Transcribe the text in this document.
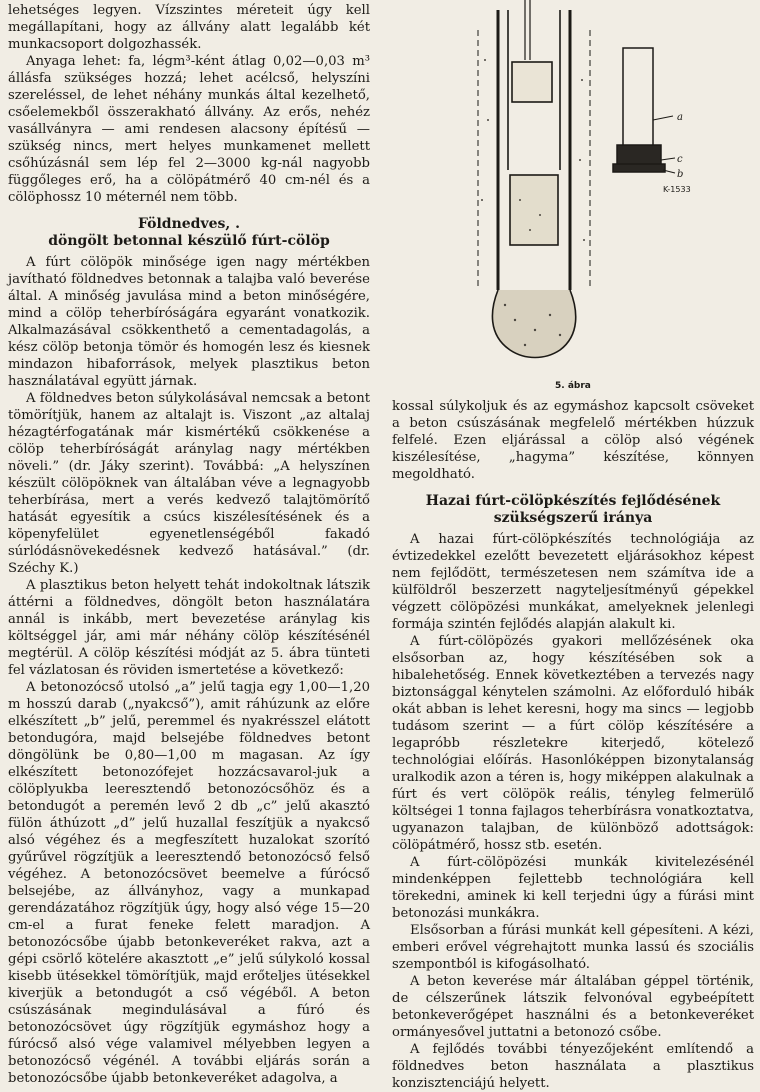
lehetséges legyen. Vízszintes méreteit úgy kell megállapítani, hogy az állvány alatt legalább két munkacsoport dolgozhassék.

Anyaga lehet: fa, légm³-ként átlag 0,02—0,03 m³ állásfa szükséges hozzá; lehet acélcső, helyszíni szereléssel, de lehet néhány munkás által kezelhető, csőelemekből összerakható állvány. Az erős, nehéz vasállványra — ami rendesen alacsony építésű — szükség nincs, mert helyes munkamenet mellett csőhúzásnál sem lép fel 2—3000 kg-nál nagyobb függőleges erő, ha a cölöpátmérő 40 cm-nél és a cölöphossz 10 méternél nem több.

Földnedves, .
döngölt betonnal készülő fúrt-cölöp

A fúrt cölöpök minősége igen nagy mértékben javítható földnedves betonnak a talajba való beverése által. A minőség javulása mind a beton minőségére, mind a cölöp teherbíróságára egyaránt vonatkozik. Alkalmazásával csökkenthető a cementadagolás, a kész cölöp betonja tömör és homogén lesz és kiesnek mindazon hibaforrások, melyek plasztikus beton használatával együtt járnak.

A földnedves beton súlykolásával nemcsak a betont tömörítjük, hanem az altalajt is. Viszont „az altalaj hézagtérfogatának már kismértékű csökkenése a cölöp teherbíróságát aránylag nagy mértékben növeli.” (dr. Jáky szerint). Továbbá: „A helyszínen készült cölöpöknek van általában véve a legnagyobb teherbírása, mert a verés kedvező talajtömörítő hatását egyesítik a csúcs kiszélesítésének és a köpenyfelület egyenetlenségéből fakadó súrlódásnövekedésnek kedvező hatásával.” (dr. Széchy K.)

A plasztikus beton helyett tehát indokoltnak látszik áttérni a földnedves, döngölt beton használatára annál is inkább, mert bevezetése aránylag kis költséggel jár, ami már néhány cölöp készítésénél megtérül. A cölöp készítési módját az 5. ábra tünteti fel vázlatosan és röviden ismertetése a következő:

A betonozócső utolsó „a” jelű tagja egy 1,00—1,20 m hosszú darab („nyakcső”), amit ráhúzunk az előre elkészített „b” jelű, peremmel és nyakrésszel elátott betondugóra, majd belsejébe földnedves betont döngölünk be 0,80—1,00 m magasan. Az így elkészített betonozófejet hozzácsavarol-juk a cölöplyukba leeresztendő betonozócsőhöz és a betondugót a peremén levő 2 db „c” jelű akasztó fülön áthúzott „d” jelű huzallal feszítjük a nyakcső alsó végéhez és a megfeszített huzalokat szorító gyűrűvel rögzítjük a leeresztendő betonozócső felső végéhez. A betonozócsövet beemelve a fúrócső belsejébe, az állványhoz, vagy a munkapad gerendázatához rögzítjük úgy, hogy alsó vége 15—20 cm-el a furat feneke felett maradjon. A betonozócsőbe újabb betonkeveréket rakva, azt a gépi csörlő kötelére akasztott „e” jelű súlykoló kossal kisebb ütésekkel tömörítjük, majd erőteljes ütésekkel kiverjük a betondugót a cső végéből. A beton csúszásának megindulásával a fúró és betonozócsövet úgy rögzítjük egymáshoz hogy a fúrócső alsó vége valamivel mélyebben legyen a betonozócső végénél. A további eljárás során a betonozócsőbe újabb betonkeveréket adagolva, a

a
c
b
K-1533
5. ábra

kossal súlykoljuk és az egymáshoz kapcsolt csöveket a beton csúszásának megfelelő mértékben húzzuk felfelé. Ezen eljárással a cölöp alsó végének kiszélesítése, „hagyma” készítése, könnyen megoldható.

Hazai fúrt-cölöpkészítés fejlődésének
szükségszerű iránya

A hazai fúrt-cölöpkészítés technológiája az évtizedekkel ezelőtt bevezetett eljárásokhoz képest nem fejlődött, természetesen nem számítva ide a külföldről beszerzett nagyteljesítményű gépekkel végzett cölöpözési munkákat, amelyeknek jelenlegi formája szintén fejlődés alapján alakult ki.

A fúrt-cölöpözés gyakori mellőzésének oka elsősorban az, hogy készítésében sok a hibalehetőség. Ennek következtében a tervezés nagy biztonsággal kénytelen számolni. Az előforduló hibák okát abban is lehet keresni, hogy ma sincs — legjobb tudásom szerint — a fúrt cölöp készítésére a legapróbb részletekre kiterjedő, kötelező technológiai előírás. Hasonlóképpen bizonytalanság uralkodik azon a téren is, hogy miképpen alakulnak a fúrt és vert cölöpök reális, tényleg felmerülő költségei 1 tonna fajlagos teherbírásra vonatkoztatva, ugyanazon talajban, de különböző adottságok: cölöpátmérő, hossz stb. esetén.

A fúrt-cölöpözési munkák kivitelezésénél mindenképpen fejlettebb technológiára kell törekedni, aminek ki kell terjedni úgy a fúrási mint betonozási munkákra.

Elsősorban a fúrási munkát kell gépesíteni. A kézi, emberi erővel végrehajtott munka lassú és szociális szempontból is kifogásolható.

A beton keverése már általában géppel történik, de célszerűnek látszik felvonóval egybeépített betonkeverőgépet használni és a betonkeveréket ormányesővel juttatni a betonozó csőbe.

A fejlődés további tényezőjeként említendő a földnedves beton használata a plasztikus konzisztenciájú helyett.
